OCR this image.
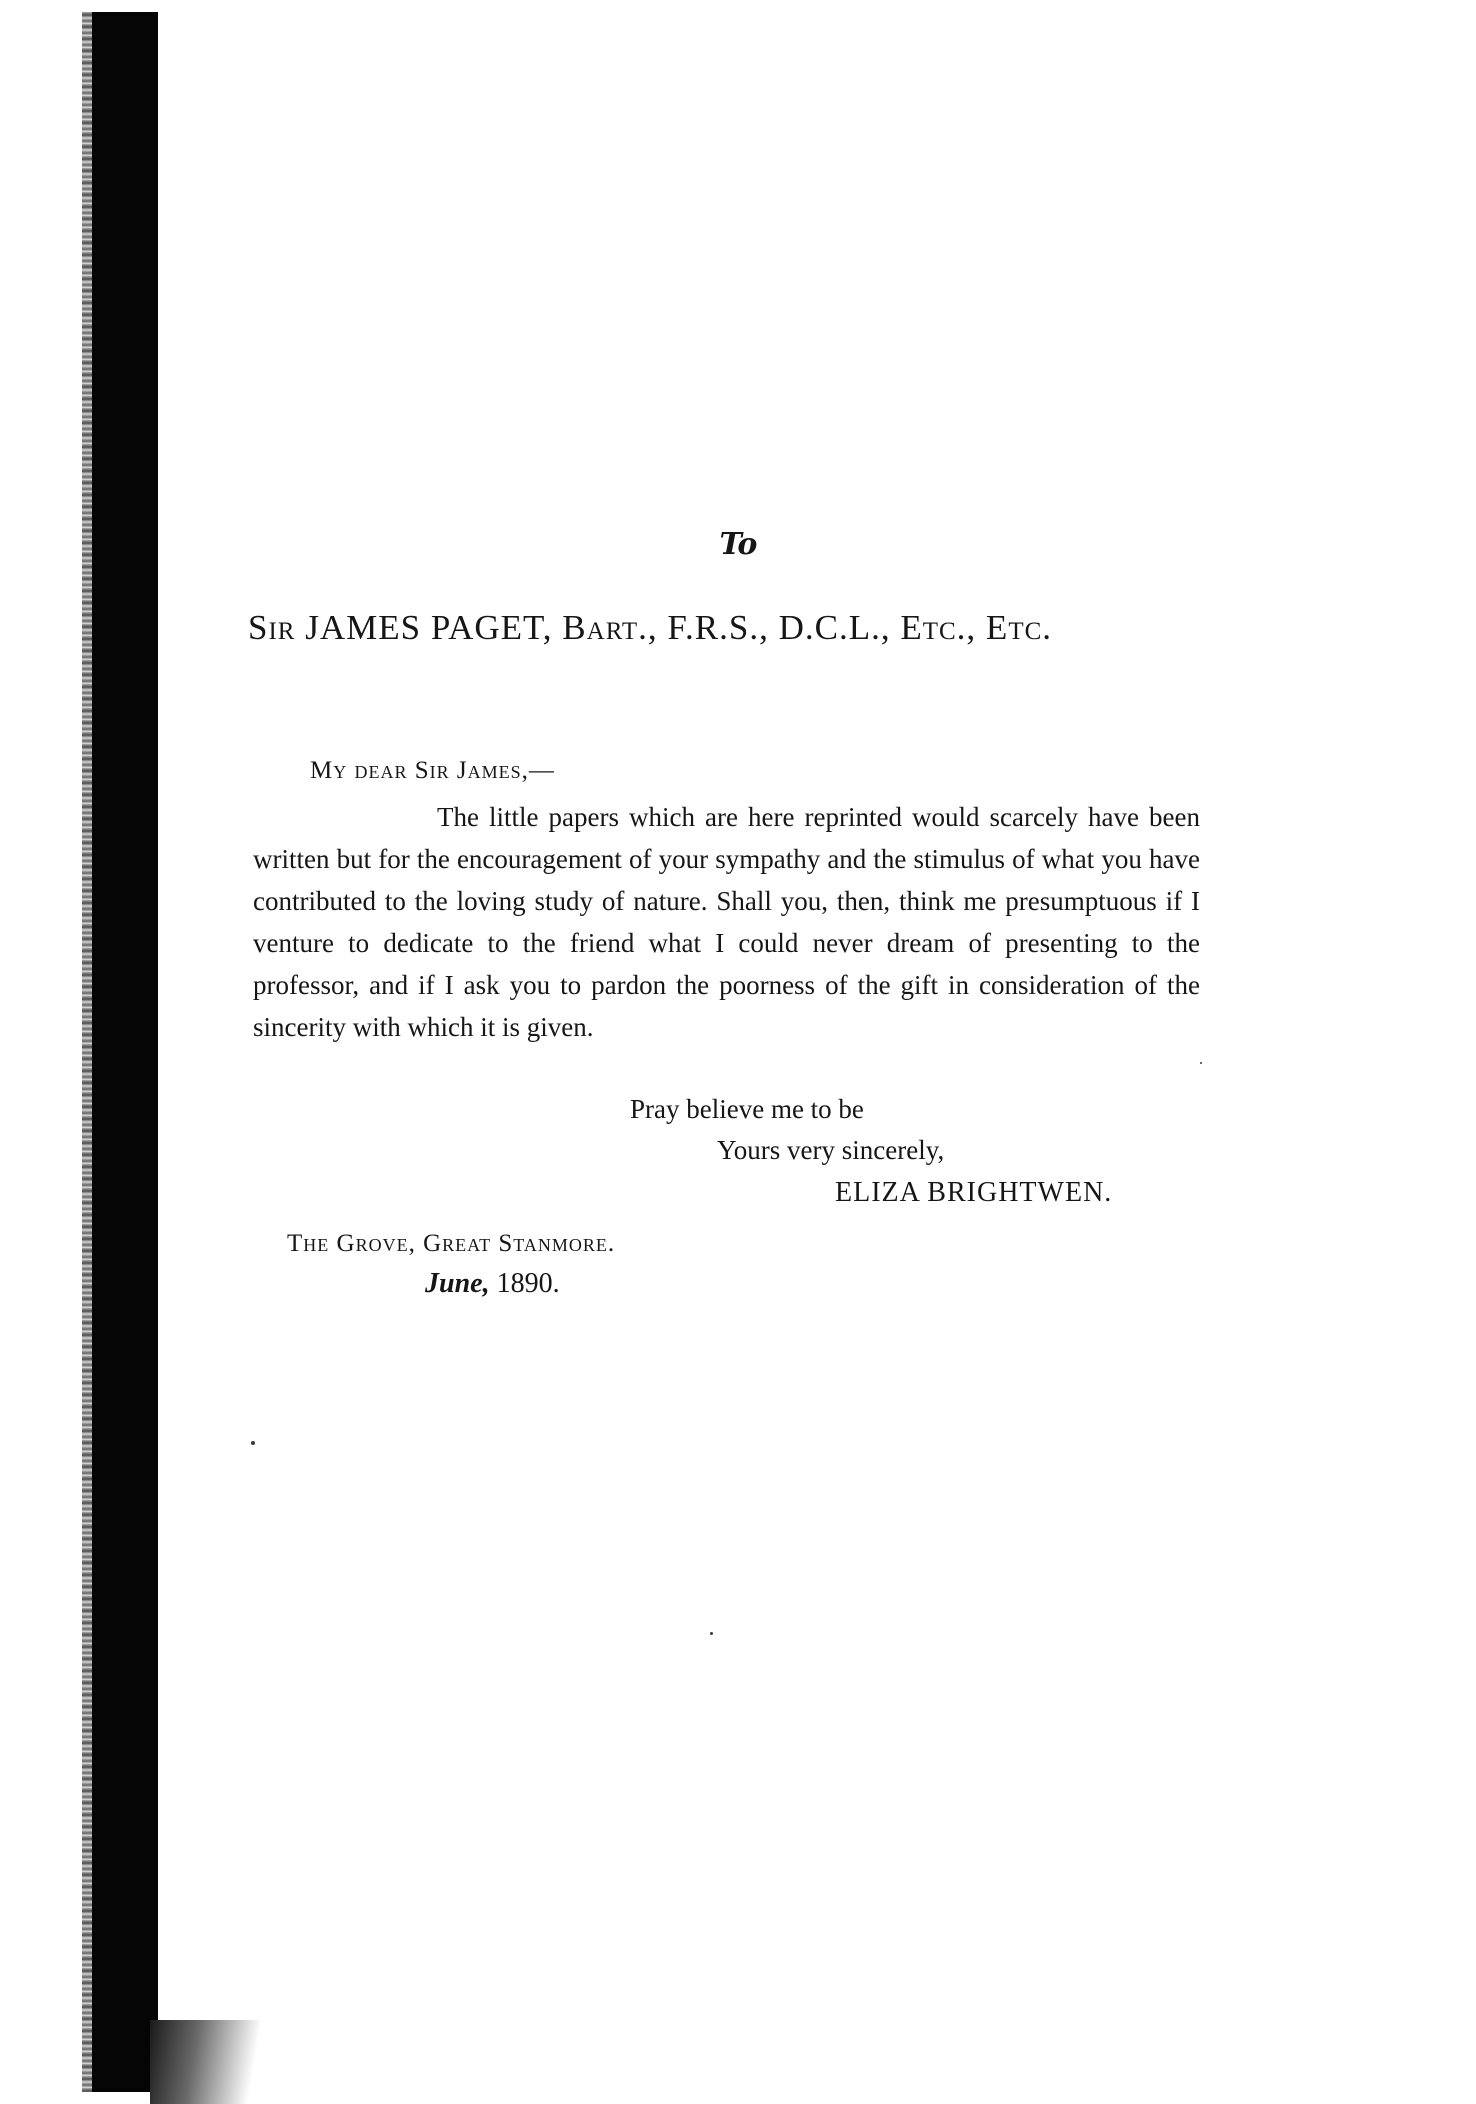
To
Sir JAMES PAGET, Bart., F.R.S., D.C.L., Etc., Etc.
My dear Sir James,—
The little papers which are here reprinted would scarcely have been written but for the encouragement of your sympathy and the stimulus of what you have contributed to the loving study of nature. Shall you, then, think me presumptuous if I venture to dedicate to the friend what I could never dream of presenting to the professor, and if I ask you to pardon the poorness of the gift in consideration of the sincerity with which it is given.
Pray believe me to be
Yours very sincerely,
ELIZA BRIGHTWEN.
The Grove, Great Stanmore.
June, 1890.
